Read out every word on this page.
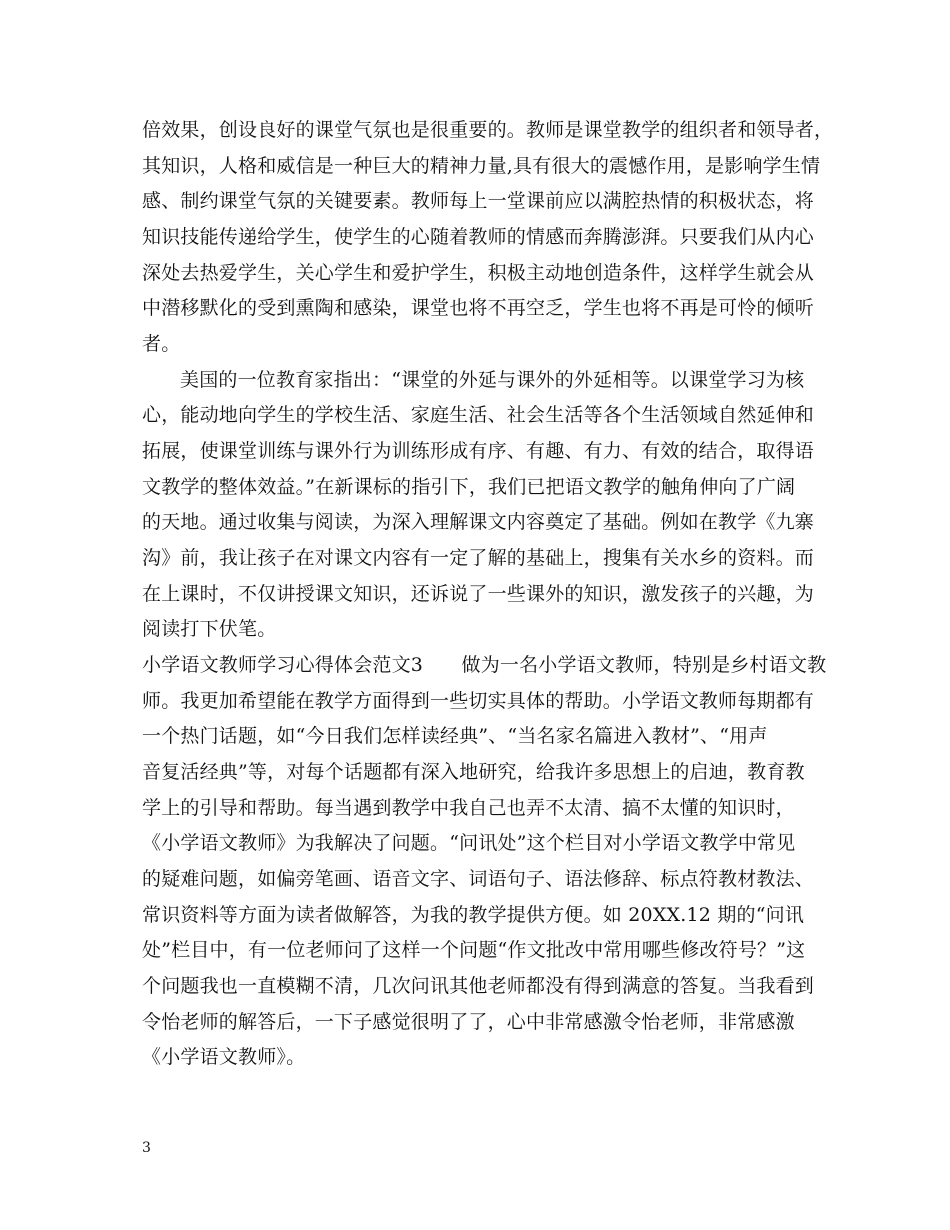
倍效果，创设良好的课堂气氛也是很重要的。教师是课堂教学的组织者和领导者，
其知识，人格和威信是一种巨大的精神力量,具有很大的震憾作用，是影响学生情
感、制约课堂气氛的关键要素。教师每上一堂课前应以满腔热情的积极状态，将
知识技能传递给学生，使学生的心随着教师的情感而奔腾澎湃。只要我们从内心
深处去热爱学生，关心学生和爱护学生，积极主动地创造条件，这样学生就会从
中潜移默化的受到熏陶和感染，课堂也将不再空乏，学生也将不再是可怜的倾听
者。
美国的一位教育家指出：“课堂的外延与课外的外延相等。以课堂学习为核
心，能动地向学生的学校生活、家庭生活、社会生活等各个生活领域自然延伸和
拓展，使课堂训练与课外行为训练形成有序、有趣、有力、有效的结合，取得语
文教学的整体效益。”在新课标的指引下，我们已把语文教学的触角伸向了广阔
的天地。通过收集与阅读，为深入理解课文内容奠定了基础。例如在教学《九寨
沟》前，我让孩子在对课文内容有一定了解的基础上，搜集有关水乡的资料。而
在上课时，不仅讲授课文知识，还诉说了一些课外的知识，激发孩子的兴趣，为
阅读打下伏笔。
小学语文教师学习心得体会范文3　　做为一名小学语文教师，特别是乡村语文教
师。我更加希望能在教学方面得到一些切实具体的帮助。小学语文教师每期都有
一个热门话题，如“今日我们怎样读经典”、“当名家名篇进入教材”、“用声
音复活经典”等，对每个话题都有深入地研究，给我许多思想上的启迪，教育教
学上的引导和帮助。每当遇到教学中我自己也弄不太清、搞不太懂的知识时，
《小学语文教师》为我解决了问题。“问讯处”这个栏目对小学语文教学中常见
的疑难问题，如偏旁笔画、语音文字、词语句子、语法修辞、标点符教材教法、
常识资料等方面为读者做解答，为我的教学提供方便。如 20XX.12 期的“问讯
处”栏目中，有一位老师问了这样一个问题“作文批改中常用哪些修改符号？”这
个问题我也一直模糊不清，几次问讯其他老师都没有得到满意的答复。当我看到
令怡老师的解答后，一下子感觉很明了了，心中非常感激令怡老师，非常感激
《小学语文教师》。
3
